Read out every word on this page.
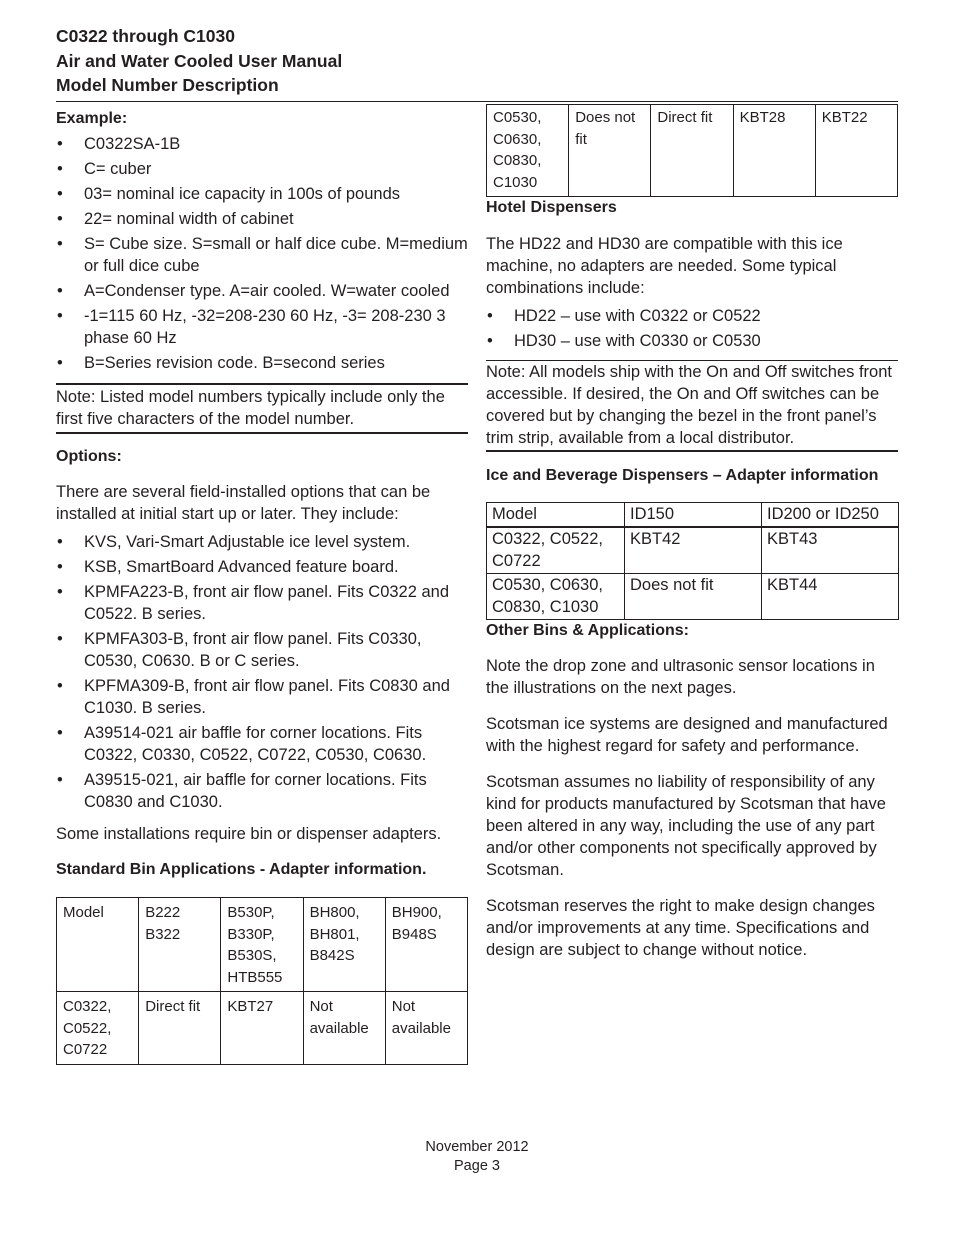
C0322 through C1030
Air and Water Cooled User Manual
Model Number Description
Example:
• C0322SA-1B
• C= cuber
• 03= nominal ice capacity in 100s of pounds
• 22= nominal width of cabinet
• S= Cube size. S=small or half dice cube. M=medium or full dice cube
• A=Condenser type. A=air cooled. W=water cooled
• -1=115 60 Hz, -32=208-230 60 Hz, -3= 208-230 3 phase 60 Hz
• B=Series revision code. B=second series

Note: Listed model numbers typically include only the first five characters of the model number.

Options:

There are several field-installed options that can be installed at initial start up or later. They include:

• KVS, Vari-Smart Adjustable ice level system.
• KSB, SmartBoard Advanced feature board.
• KPMFA223-B, front air flow panel. Fits C0322 and C0522. B series.
• KPMFA303-B, front air flow panel. Fits C0330, C0530, C0630. B or C series.
• KPFMA309-B, front air flow panel. Fits C0830 and C1030. B series.
• A39514-021 air baffle for corner locations. Fits C0322, C0330, C0522, C0722, C0530, C0630.
• A39515-021, air baffle for corner locations. Fits C0830 and C1030.

Some installations require bin or dispenser adapters.

Standard Bin Applications - Adapter information.
Model	B222 B322	B530P, B330P, B530S, HTB555	BH800, BH801, B842S	BH900, B948S
C0322, C0522, C0722	Direct fit	KBT27	Not available	Not available
C0530, C0630, C0830, C1030	Does not fit	Direct fit	KBT28	KBT22
Hotel Dispensers

The HD22 and HD30 are compatible with this ice machine, no adapters are needed. Some typical combinations include:

• HD22 – use with C0322 or C0522
• HD30 – use with C0330 or C0530

Note: All models ship with the On and Off switches front accessible. If desired, the On and Off switches can be covered but by changing the bezel in the front panel’s trim strip, available from a local distributor.

Ice and Beverage Dispensers – Adapter information
Model	ID150	ID200 or ID250
C0322, C0522, C0722	KBT42	KBT43
C0530, C0630, C0830, C1030	Does not fit	KBT44
Other Bins & Applications:

Note the drop zone and ultrasonic sensor locations in the illustrations on the next pages.

Scotsman ice systems are designed and manufactured with the highest regard for safety and performance.

Scotsman assumes no liability of responsibility of any kind for products manufactured by Scotsman that have been altered in any way, including the use of any part and/or other components not specifically approved by Scotsman.

Scotsman reserves the right to make design changes and/or improvements at any time. Specifications and design are subject to change without notice.

November 2012
Page 3
